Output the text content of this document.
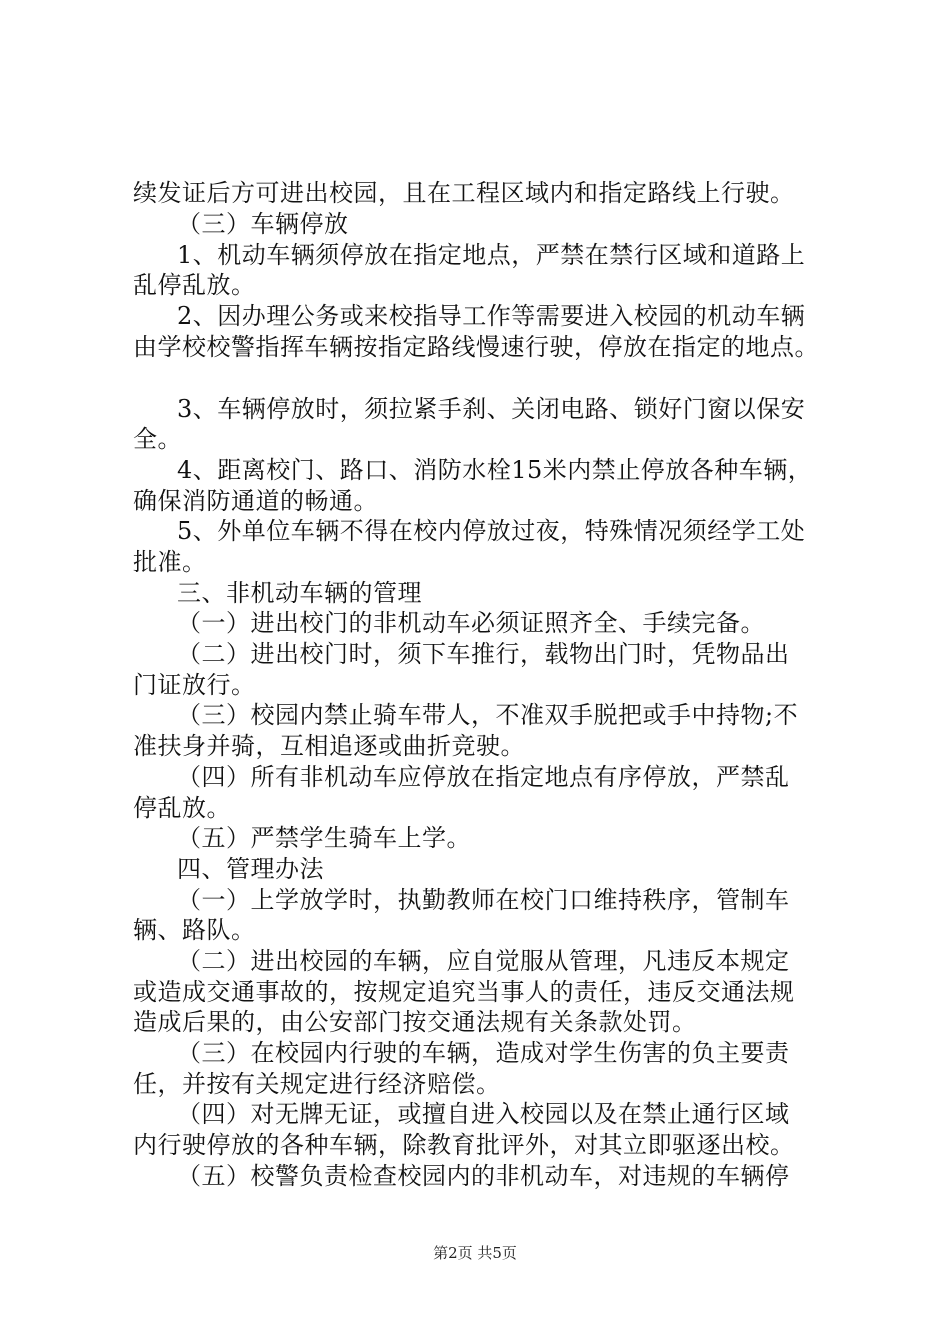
续发证后方可进出校园，且在工程区域内和指定路线上行驶。
（三）车辆停放
1、机动车辆须停放在指定地点，严禁在禁行区域和道路上
乱停乱放。
2、因办理公务或来校指导工作等需要进入校园的机动车辆
由学校校警指挥车辆按指定路线慢速行驶，停放在指定的地点。
3、车辆停放时，须拉紧手刹、关闭电路、锁好门窗以保安
全。
4、距离校门、路口、消防水栓15米内禁止停放各种车辆，
确保消防通道的畅通。
5、外单位车辆不得在校内停放过夜，特殊情况须经学工处
批准。
三、非机动车辆的管理
（一）进出校门的非机动车必须证照齐全、手续完备。
（二）进出校门时，须下车推行，载物出门时，凭物品出
门证放行。
（三）校园内禁止骑车带人，不准双手脱把或手中持物;不
准扶身并骑，互相追逐或曲折竞驶。
（四）所有非机动车应停放在指定地点有序停放，严禁乱
停乱放。
（五）严禁学生骑车上学。
四、管理办法
（一）上学放学时，执勤教师在校门口维持秩序，管制车
辆、路队。
（二）进出校园的车辆，应自觉服从管理，凡违反本规定
或造成交通事故的，按规定追究当事人的责任，违反交通法规
造成后果的，由公安部门按交通法规有关条款处罚。
（三）在校园内行驶的车辆，造成对学生伤害的负主要责
任，并按有关规定进行经济赔偿。
（四）对无牌无证，或擅自进入校园以及在禁止通行区域
内行驶停放的各种车辆，除教育批评外，对其立即驱逐出校。
（五）校警负责检查校园内的非机动车，对违规的车辆停
第2页 共5页
